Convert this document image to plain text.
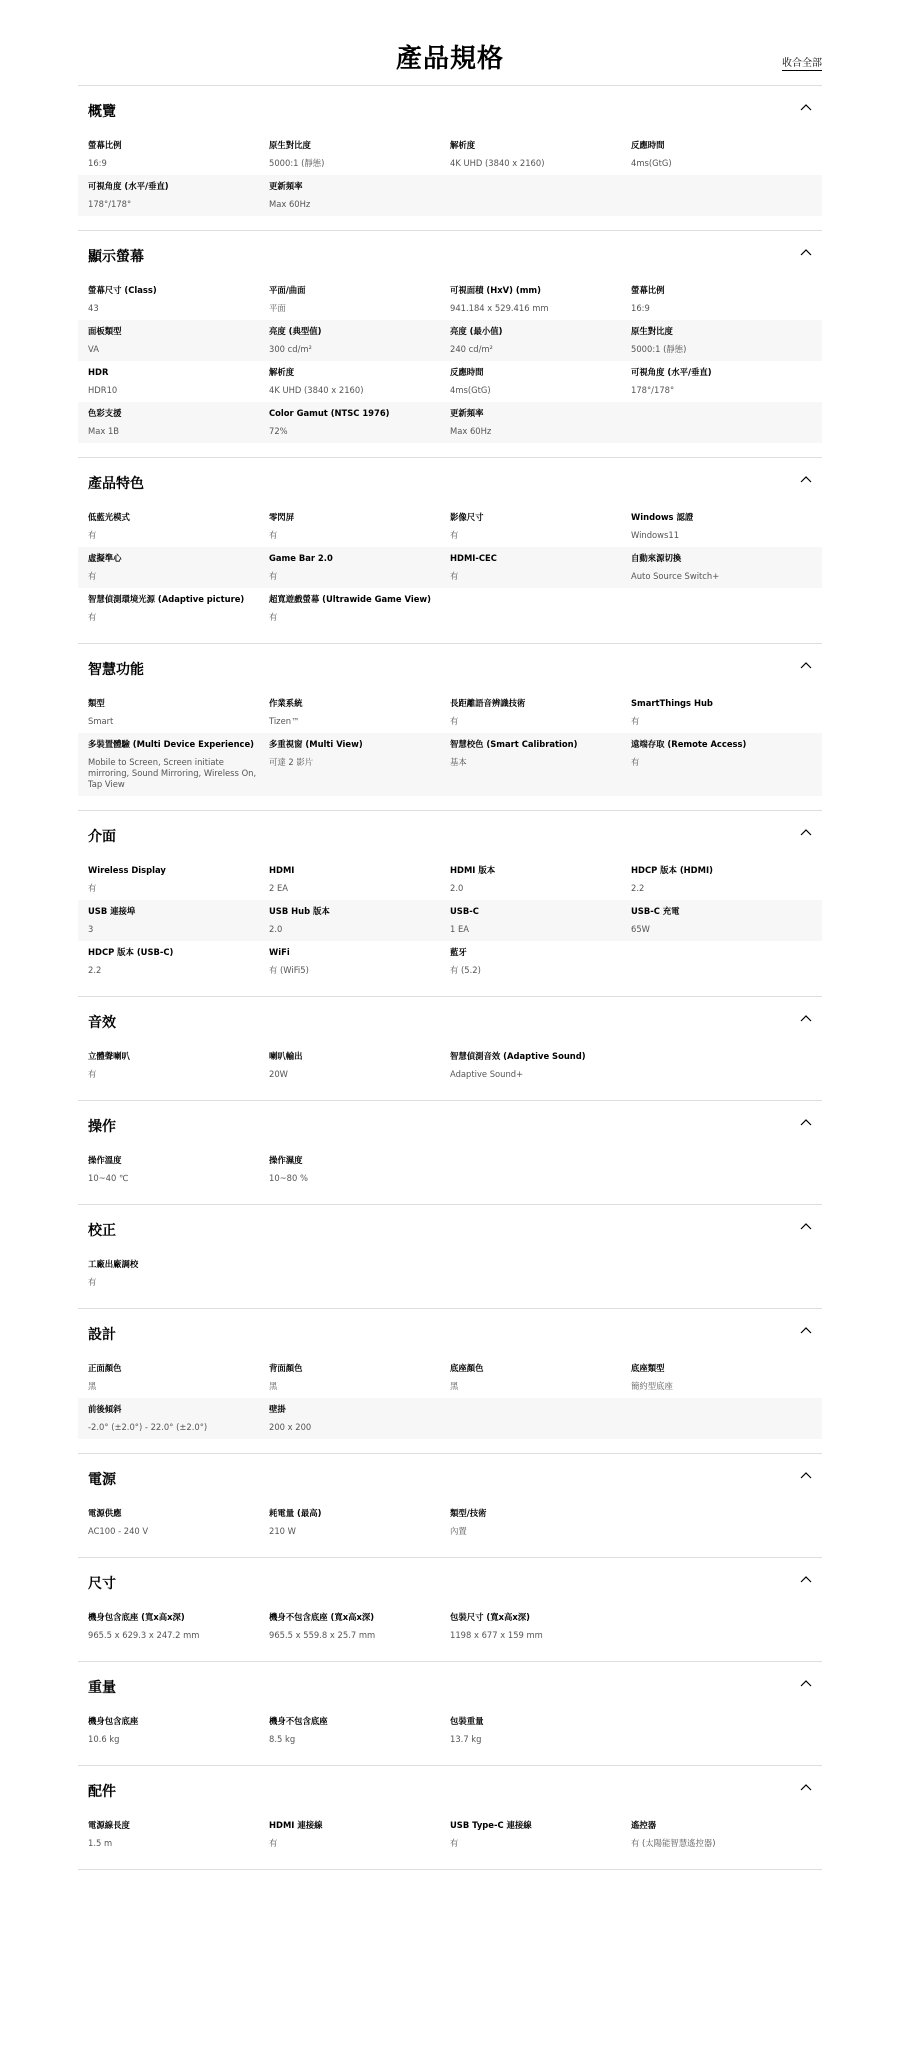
產品規格	收合全部
概覽
螢幕比例
16:9
原生對比度
5000:1 (靜態)
解析度
4K UHD (3840 x 2160)
反應時間
4ms(GtG)
可視角度 (水平/垂直)
178°/178°
更新頻率
Max 60Hz
顯示螢幕
螢幕尺寸 (Class)
43
平面/曲面
平面
可視面積 (HxV) (mm)
941.184 x 529.416 mm
螢幕比例
16:9
面板類型
VA
亮度 (典型值)
300 cd/m²
亮度 (最小值)
240 cd/m²
原生對比度
5000:1 (靜態)
HDR
HDR10
解析度
4K UHD (3840 x 2160)
反應時間
4ms(GtG)
可視角度 (水平/垂直)
178°/178°
色彩支援
Max 1B
Color Gamut (NTSC 1976)
72%
更新頻率
Max 60Hz
產品特色
低藍光模式
有
零閃屏
有
影像尺寸
有
Windows 認證
Windows11
虛擬準心
有
Game Bar 2.0
有
HDMI-CEC
有
自動來源切換
Auto Source Switch+
智慧偵測環境光源 (Adaptive picture)
有
超寬遊戲螢幕 (Ultrawide Game View)
有
智慧功能
類型
Smart
作業系統
Tizen™
長距離語音辨識技術
有
SmartThings Hub
有
多裝置體驗 (Multi Device Experience)
Mobile to Screen, Screen initiate mirroring, Sound Mirroring, Wireless On, Tap View
多重視窗 (Multi View)
可達 2 影片
智慧校色 (Smart Calibration)
基本
遠端存取 (Remote Access)
有
介面
Wireless Display
有
HDMI
2 EA
HDMI 版本
2.0
HDCP 版本 (HDMI)
2.2
USB 連接埠
3
USB Hub 版本
2.0
USB-C
1 EA
USB-C 充電
65W
HDCP 版本 (USB-C)
2.2
WiFi
有 (WiFi5)
藍牙
有 (5.2)
音效
立體聲喇叭
有
喇叭輸出
20W
智慧偵測音效 (Adaptive Sound)
Adaptive Sound+
操作
操作溫度
10~40 ℃
操作濕度
10~80 %
校正
工廠出廠調校
有
設計
正面顏色
黑
背面顏色
黑
底座顏色
黑
底座類型
簡約型底座
前後傾斜
-2.0° (±2.0°) - 22.0° (±2.0°)
壁掛
200 x 200
電源
電源供應
AC100 - 240 V
耗電量 (最高)
210 W
類型/技術
內置
尺寸
機身包含底座 (寬x高x深)
965.5 x 629.3 x 247.2 mm
機身不包含底座 (寬x高x深)
965.5 x 559.8 x 25.7 mm
包裝尺寸 (寬x高x深)
1198 x 677 x 159 mm
重量
機身包含底座
10.6 kg
機身不包含底座
8.5 kg
包裝重量
13.7 kg
配件
電源線長度
1.5 m
HDMI 連接線
有
USB Type-C 連接線
有
遙控器
有 (太陽能智慧遙控器)
